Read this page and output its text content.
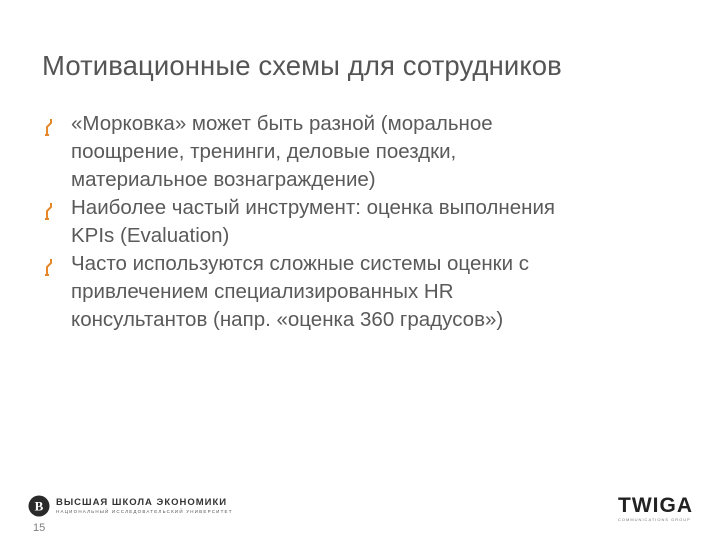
Мотивационные схемы для сотрудников
«Морковка» может быть разной (моральное
поощрение, тренинги, деловые поездки,
материальное вознаграждение)
Наиболее частый инструмент: оценка выполнения
KPIs (Evaluation)
Часто используются сложные системы оценки с
привлечением специализированных HR
консультантов (напр. «оценка 360 градусов»)
В ВЫСШАЯ ШКОЛА ЭКОНОМИКИ
НАЦИОНАЛЬНЫЙ ИССЛЕДОВАТЕЛЬСКИЙ УНИВЕРСИТЕТ	TWIGA
COMMUNICATIONS GROUP
15
